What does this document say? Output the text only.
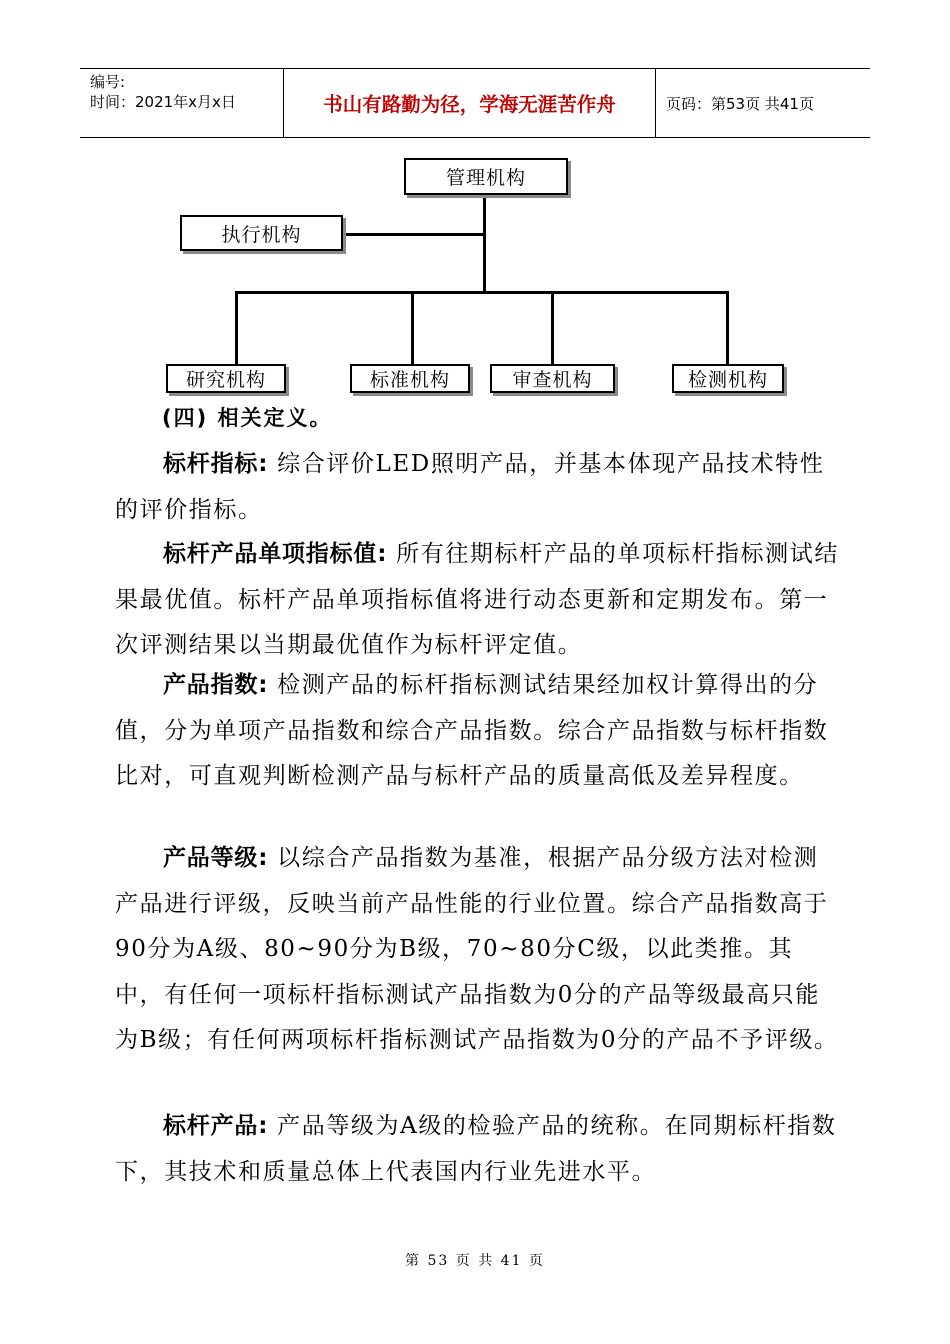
编号:
时间：2021年x月x日	书山有路勤为径，学海无涯苦作舟	页码：第53页 共41页
管理机构
执行机构
研究机构	标准机构	审查机构	检测机构
(四) 相关定义。
标杆指标: 综合评价LED照明产品，并基本体现产品技术特性的评价指标。
标杆产品单项指标值: 所有往期标杆产品的单项标杆指标测试结果最优值。标杆产品单项指标值将进行动态更新和定期发布。第一次评测结果以当期最优值作为标杆评定值。
产品指数: 检测产品的标杆指标测试结果经加权计算得出的分值，分为单项产品指数和综合产品指数。综合产品指数与标杆指数比对，可直观判断检测产品与标杆产品的质量高低及差异程度。
产品等级: 以综合产品指数为基准，根据产品分级方法对检测产品进行评级，反映当前产品性能的行业位置。综合产品指数高于90分为A级、80~90分为B级，70~80分C级，以此类推。其中，有任何一项标杆指标测试产品指数为0分的产品等级最高只能为B级；有任何两项标杆指标测试产品指数为0分的产品不予评级。
标杆产品: 产品等级为A级的检验产品的统称。在同期标杆指数下，其技术和质量总体上代表国内行业先进水平。
第 53 页 共 41 页
